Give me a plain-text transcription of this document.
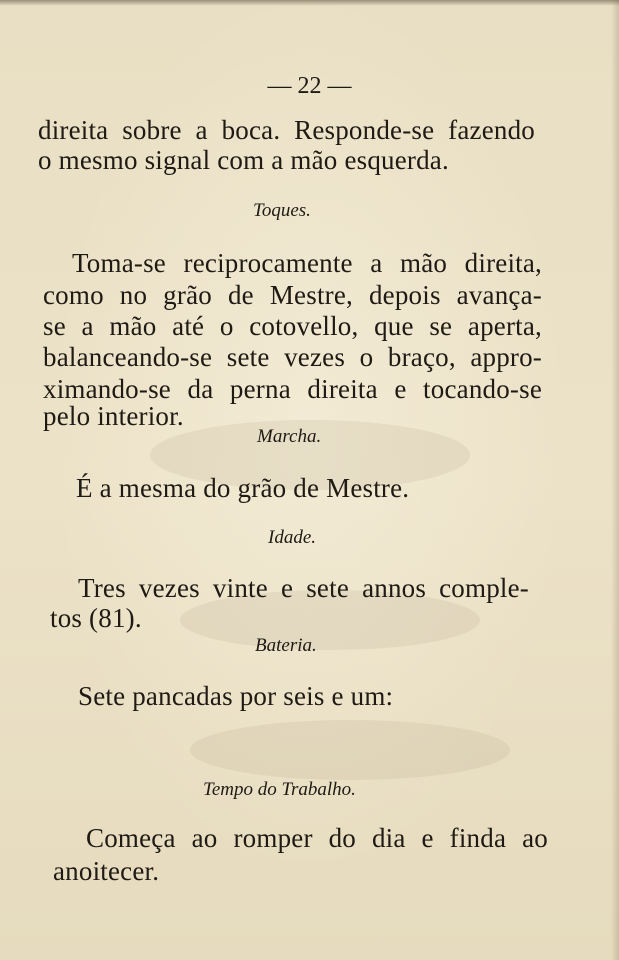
— 22 —
direita sobre a boca. Responde-se fazendo
o mesmo signal com a mão esquerda.
Toques.
Toma-se reciprocamente a mão direita,
como no grão de Mestre, depois avança-
se a mão até o cotovello, que se aperta,
balanceando-se sete vezes o braço, appro-
ximando-se da perna direita e tocando-se
pelo interior.
Marcha.
É a mesma do grão de Mestre.
Idade.
Tres vezes vinte e sete annos comple-
tos (81).
Bateria.
Sete pancadas por seis e um:
Tempo do Trabalho.
Começa ao romper do dia e finda ao
anoitecer.
